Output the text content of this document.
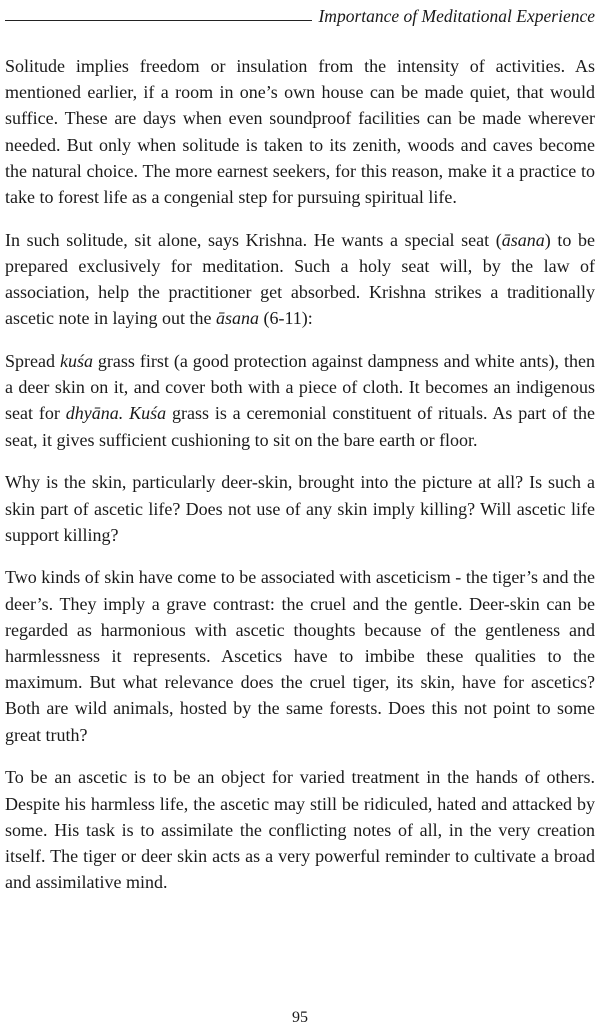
Importance of Meditational Experience

Solitude implies freedom or insulation from the intensity of activities. As mentioned earlier, if a room in one’s own house can be made quiet, that would suffice. These are days when even soundproof facilities can be made wherever needed. But only when solitude is taken to its zenith, woods and caves become the natural choice. The more earnest seekers, for this reason, make it a practice to take to forest life as a congenial step for pursuing spiritual life.

In such solitude, sit alone, says Krishna. He wants a special seat (āsana) to be prepared exclusively for meditation. Such a holy seat will, by the law of association, help the practitioner get absorbed. Krishna strikes a traditionally ascetic note in laying out the āsana (6-11):

Spread kuśa grass first (a good protection against dampness and white ants), then a deer skin on it, and cover both with a piece of cloth. It becomes an indigenous seat for dhyāna. Kuśa grass is a ceremonial constituent of rituals. As part of the seat, it gives sufficient cushioning to sit on the bare earth or floor.

Why is the skin, particularly deer-skin, brought into the picture at all? Is such a skin part of ascetic life? Does not use of any skin imply killing? Will ascetic life support killing?

Two kinds of skin have come to be associated with asceticism - the tiger’s and the deer’s. They imply a grave contrast: the cruel and the gentle. Deer-skin can be regarded as harmonious with ascetic thoughts because of the gentleness and harmlessness it represents. Ascetics have to imbibe these qualities to the maximum. But what relevance does the cruel tiger, its skin, have for ascetics? Both are wild animals, hosted by the same forests. Does this not point to some great truth?

To be an ascetic is to be an object for varied treatment in the hands of others. Despite his harmless life, the ascetic may still be ridiculed, hated and attacked by some. His task is to assimilate the conflicting notes of all, in the very creation itself. The tiger or deer skin acts as a very powerful reminder to cultivate a broad and assimilative mind.

95
